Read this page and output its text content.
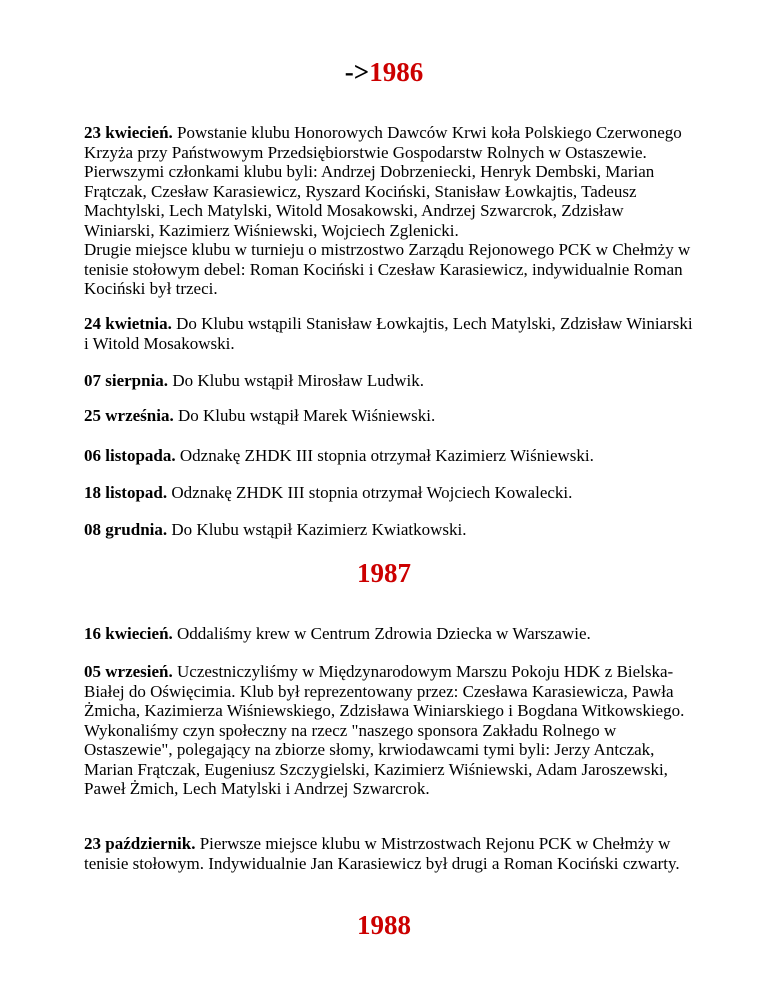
->1986
23 kwiecień. Powstanie klubu Honorowych Dawców Krwi koła Polskiego Czerwonego Krzyża przy Państwowym Przedsiębiorstwie Gospodarstw Rolnych w Ostaszewie. Pierwszymi członkami klubu byli: Andrzej Dobrzeniecki, Henryk Dembski, Marian Frątczak, Czesław Karasiewicz, Ryszard Kociński, Stanisław Łowkajtis, Tadeusz Machtylski, Lech Matylski, Witold Mosakowski, Andrzej Szwarcrok, Zdzisław Winiarski, Kazimierz Wiśniewski, Wojciech Zglenicki.
Drugie miejsce klubu w turnieju o mistrzostwo Zarządu Rejonowego PCK w Chełmży w tenisie stołowym debel: Roman Kociński i Czesław Karasiewicz, indywidualnie Roman Kociński był trzeci.
24 kwietnia. Do Klubu wstąpili Stanisław Łowkajtis, Lech Matylski, Zdzisław Winiarski i Witold Mosakowski.
07 sierpnia. Do Klubu wstąpił Mirosław Ludwik.
25 września. Do Klubu wstąpił Marek Wiśniewski.
06 listopada. Odznakę ZHDK III stopnia otrzymał Kazimierz Wiśniewski.
18 listopad. Odznakę ZHDK III stopnia otrzymał Wojciech Kowalecki.
08 grudnia. Do Klubu wstąpił Kazimierz Kwiatkowski.
1987
16 kwiecień. Oddaliśmy krew w Centrum Zdrowia Dziecka w Warszawie.
05 wrzesień. Uczestniczyliśmy w Międzynarodowym Marszu Pokoju HDK z Bielska-Białej do Oświęcimia. Klub był reprezentowany przez: Czesława Karasiewicza, Pawła Żmicha, Kazimierza Wiśniewskiego, Zdzisława Winiarskiego i Bogdana Witkowskiego.
Wykonaliśmy czyn społeczny na rzecz "naszego sponsora Zakładu Rolnego w Ostaszewie", polegający na zbiorze słomy, krwiodawcami tymi byli: Jerzy Antczak, Marian Frątczak, Eugeniusz Szczygielski, Kazimierz Wiśniewski, Adam Jaroszewski, Paweł Żmich, Lech Matylski i Andrzej Szwarcrok.
23 październik. Pierwsze miejsce klubu w Mistrzostwach Rejonu PCK w Chełmży w tenisie stołowym. Indywidualnie Jan Karasiewicz był drugi a Roman Kociński czwarty.
1988
